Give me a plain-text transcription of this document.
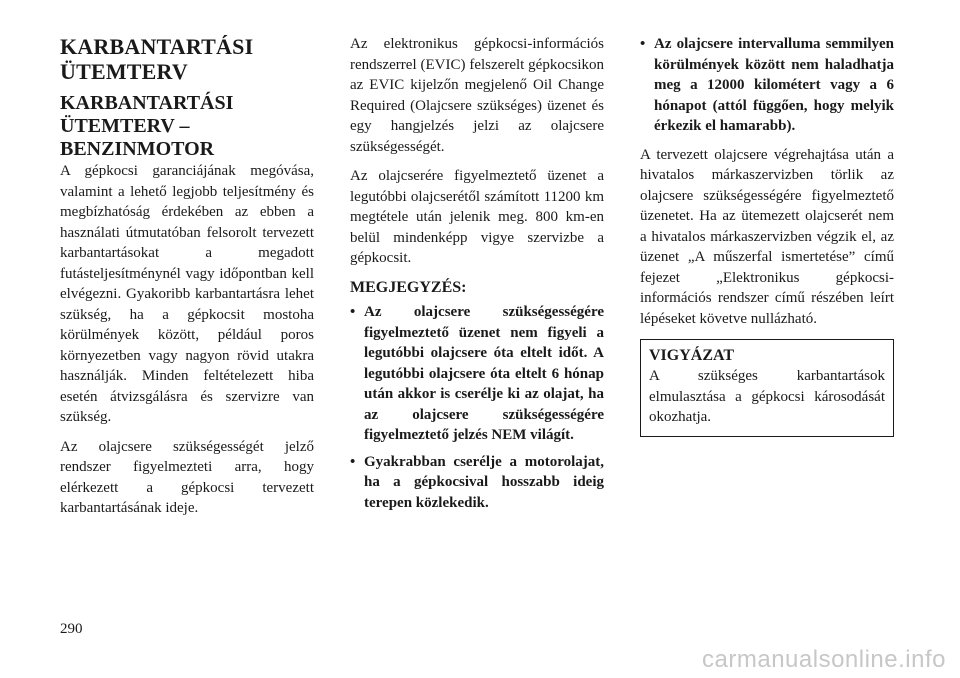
KARBANTARTÁSI ÜTEMTERV
KARBANTARTÁSI ÜTEMTERV – BENZINMOTOR

A gépkocsi garanciájának megóvása, valamint a lehető legjobb teljesítmény és megbízhatóság érdekében az ebben a használati útmutatóban felsorolt tervezett karbantartásokat a megadott futásteljesítménynél vagy időpontban kell elvégezni. Gyakoribb karbantartásra lehet szükség, ha a gépkocsit mostoha körülmények között, például poros környezetben vagy nagyon rövid utakra használják. Minden feltételezett hiba esetén átvizsgálásra és szervizre van szükség.

Az olajcsere szükségességét jelző rendszer figyelmezteti arra, hogy elérkezett a gépkocsi tervezett karbantartásának ideje.

Az elektronikus gépkocsi-információs rendszerrel (EVIC) felszerelt gépkocsikon az EVIC kijelzőn megjelenő Oil Change Required (Olajcsere szükséges) üzenet és egy hangjelzés jelzi az olajcsere szükségességét.

Az olajcserére figyelmeztető üzenet a legutóbbi olajcserétől számított 11200 km megtétele után jelenik meg. 800 km-en belül mindenképp vigye szervizbe a gépkocsit.

MEGJEGYZÉS:
• Az olajcsere szükségességére figyelmeztető üzenet nem figyeli a legutóbbi olajcsere óta eltelt időt. A legutóbbi olajcsere óta eltelt 6 hónap után akkor is cserélje ki az olajat, ha az olajcsere szükségességére figyelmeztető jelzés NEM világít.
• Gyakrabban cserélje a motorolajat, ha a gépkocsival hosszabb ideig terepen közlekedik.
• Az olajcsere intervalluma semmilyen körülmények között nem haladhatja meg a 12000 kilométert vagy a 6 hónapot (attól függően, hogy melyik érkezik el hamarabb).

A tervezett olajcsere végrehajtása után a hivatalos márkaszervizben törlik az olajcsere szükségességére figyelmeztető üzenetet. Ha az ütemezett olajcserét nem a hivatalos márkaszervizben végzik el, az üzenet „A műszerfal ismertetése” című fejezet „Elektronikus gépkocsi-információs rendszer című részében leírt lépéseket követve nullázható.

VIGYÁZAT
A szükséges karbantartások elmulasztása a gépkocsi károsodását okozhatja.
290
carmanualsonline.info
